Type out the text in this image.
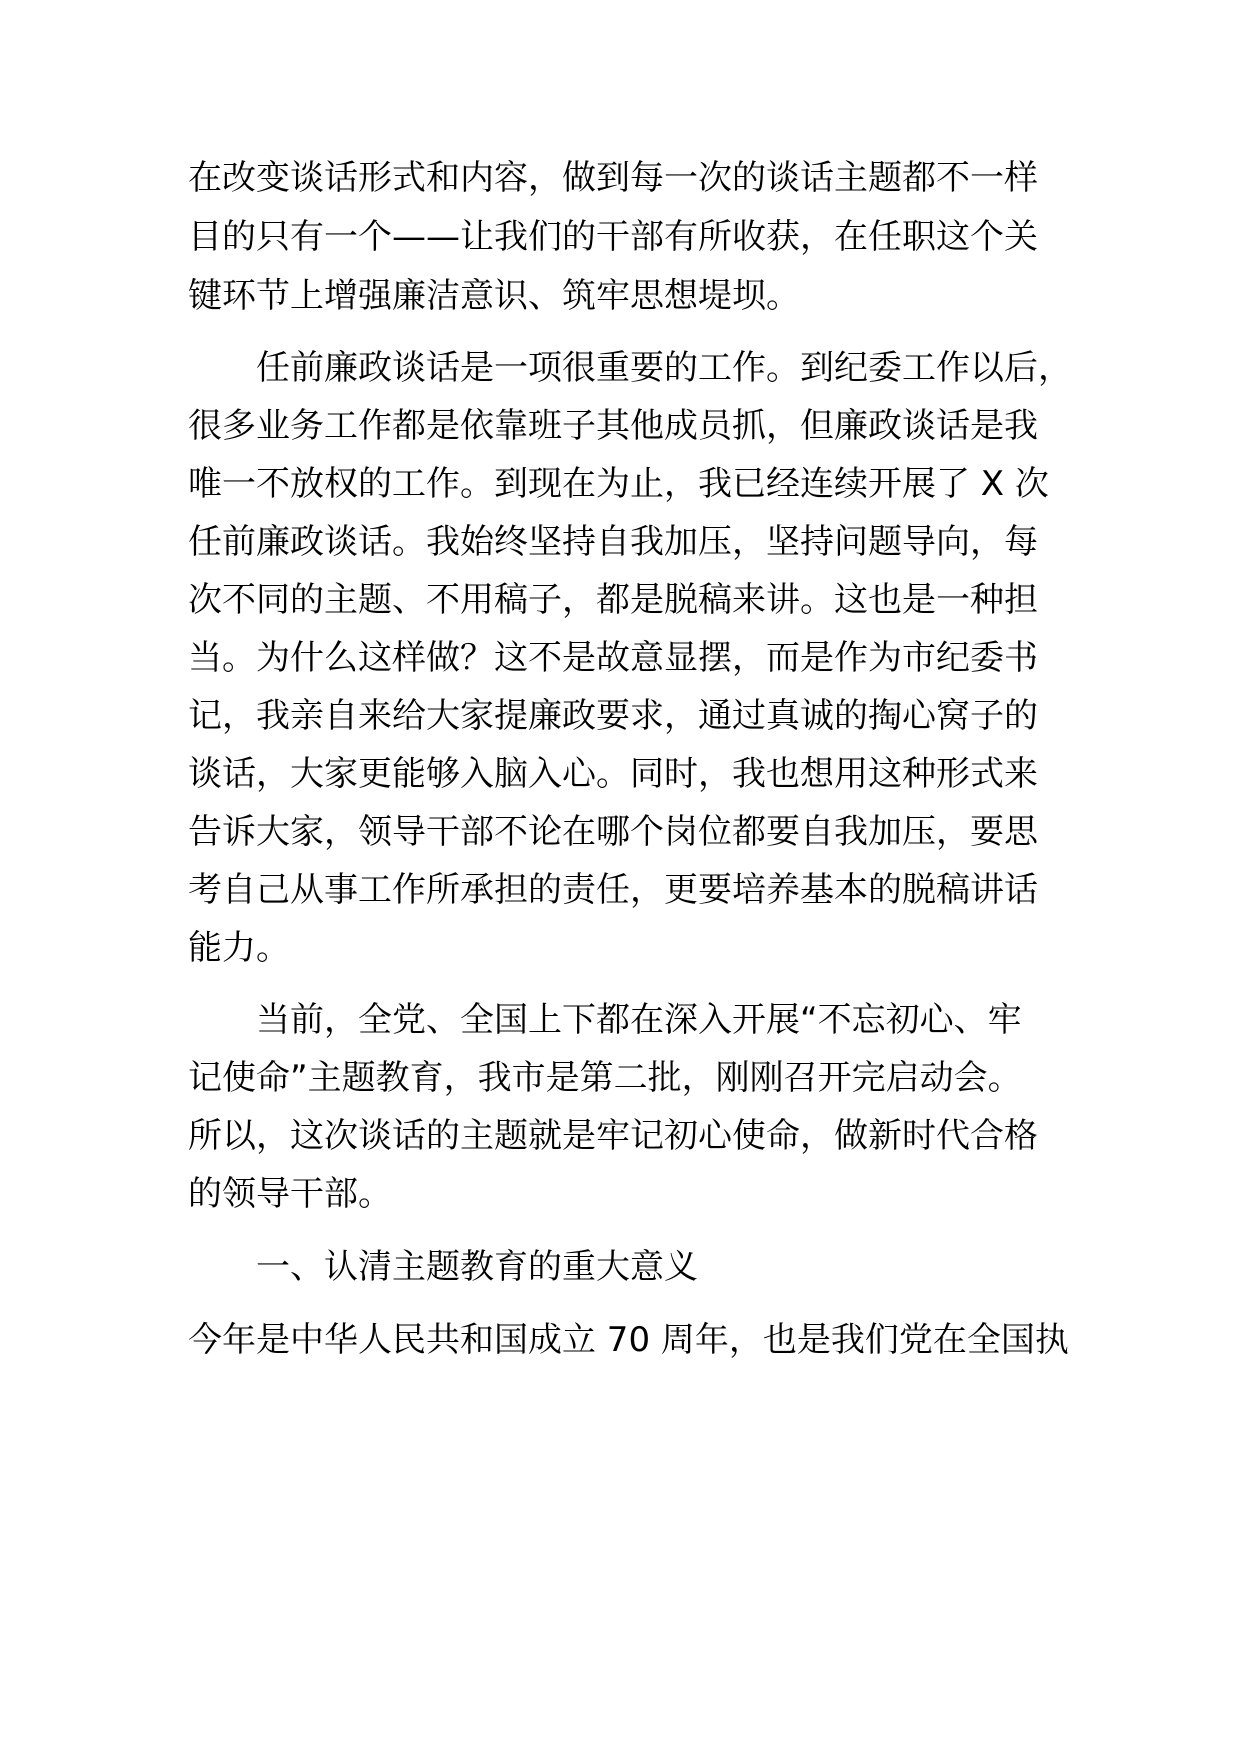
在改变谈话形式和内容，做到每一次的谈话主题都不一样
目的只有一个——让我们的干部有所收获，在任职这个关
键环节上增强廉洁意识、筑牢思想堤坝。
任前廉政谈话是一项很重要的工作。到纪委工作以后，
很多业务工作都是依靠班子其他成员抓，但廉政谈话是我
唯一不放权的工作。到现在为止，我已经连续开展了 X 次
任前廉政谈话。我始终坚持自我加压，坚持问题导向，每
次不同的主题、不用稿子，都是脱稿来讲。这也是一种担
当。为什么这样做？这不是故意显摆，而是作为市纪委书
记，我亲自来给大家提廉政要求，通过真诚的掏心窝子的
谈话，大家更能够入脑入心。同时，我也想用这种形式来
告诉大家，领导干部不论在哪个岗位都要自我加压，要思
考自己从事工作所承担的责任，更要培养基本的脱稿讲话
能力。
当前，全党、全国上下都在深入开展“不忘初心、牢
记使命”主题教育，我市是第二批，刚刚召开完启动会。
所以，这次谈话的主题就是牢记初心使命，做新时代合格
的领导干部。
一、认清主题教育的重大意义
今年是中华人民共和国成立 70 周年，也是我们党在全国执
